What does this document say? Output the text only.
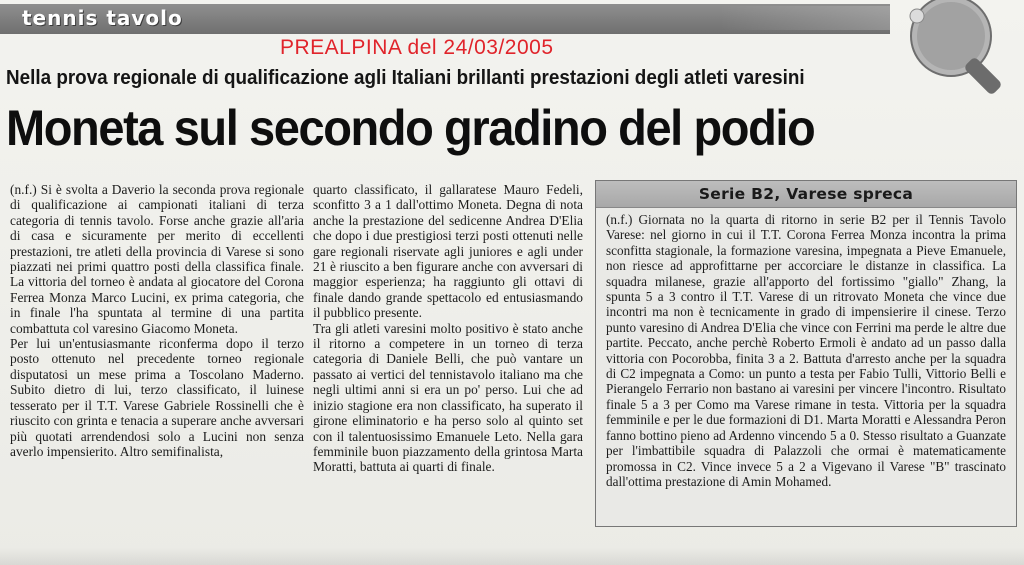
tennis tavolo
PREALPINA del 24/03/2005
Nella prova regionale di qualificazione agli Italiani brillanti prestazioni degli atleti varesini
Moneta sul secondo gradino del podio
(n.f.) Si è svolta a Daverio la seconda prova regionale di qualificazione ai campionati italiani di terza categoria di tennis tavolo. Forse anche grazie all'aria di casa e sicuramente per merito di eccellenti prestazioni, tre atleti della provincia di Varese si sono piazzati nei primi quattro posti della classifica finale. La vittoria del torneo è andata al giocatore del Corona Ferrea Monza Marco Lucini, ex prima categoria, che in finale l'ha spuntata al termine di una partita combattuta col varesino Giacomo Moneta.
Per lui un'entusiasmante riconferma dopo il terzo posto ottenuto nel precedente torneo regionale disputatosi un mese prima a Toscolano Maderno. Subito dietro di lui, terzo classificato, il luinese tesserato per il T.T. Varese Gabriele Rossinelli che è riuscito con grinta e tenacia a superare anche avversari più quotati arrendendosi solo a Lucini non senza averlo impensierito. Altro semifinalista,
quarto classificato, il gallaratese Mauro Fedeli, sconfitto 3 a 1 dall'ottimo Moneta. Degna di nota anche la prestazione del sedicenne Andrea D'Elia che dopo i due prestigiosi terzi posti ottenuti nelle gare regionali riservate agli juniores e agli under 21 è riuscito a ben figurare anche con avversari di maggior esperienza; ha raggiunto gli ottavi di finale dando grande spettacolo ed entusiasmando il pubblico presente.
Tra gli atleti varesini molto positivo è stato anche il ritorno a competere in un torneo di terza categoria di Daniele Belli, che può vantare un passato ai vertici del tennistavolo italiano ma che negli ultimi anni si era un po' perso. Lui che ad inizio stagione era non classificato, ha superato il girone eliminatorio e ha perso solo al quinto set con il talentuosissimo Emanuele Leto. Nella gara femminile buon piazzamento della grintosa Marta Moratti, battuta ai quarti di finale.
Serie B2, Varese spreca
(n.f.) Giornata no la quarta di ritorno in serie B2 per il Tennis Tavolo Varese: nel giorno in cui il T.T. Corona Ferrea Monza incontra la prima sconfitta stagionale, la formazione varesina, impegnata a Pieve Emanuele, non riesce ad approfittarne per accorciare le distanze in classifica. La squadra milanese, grazie all'apporto del fortissimo "giallo" Zhang, la spunta 5 a 3 contro il T.T. Varese di un ritrovato Moneta che vince due incontri ma non è tecnicamente in grado di impensierire il cinese. Terzo punto varesino di Andrea D'Elia che vince con Ferrini ma perde le altre due partite. Peccato, anche perchè Roberto Ermoli è andato ad un passo dalla vittoria con Pocorobba, finita 3 a 2. Battuta d'arresto anche per la squadra di C2 impegnata a Como: un punto a testa per Fabio Tulli, Vittorio Belli e Pierangelo Ferrario non bastano ai varesini per vincere l'incontro. Risultato finale 5 a 3 per Como ma Varese rimane in testa. Vittoria per la squadra femminile e per le due formazioni di D1. Marta Moratti e Alessandra Peron fanno bottino pieno ad Ardenno vincendo 5 a 0. Stesso risultato a Guanzate per l'imbattibile squadra di Palazzoli che ormai è matematicamente promossa in C2. Vince invece 5 a 2 a Vigevano il Varese "B" trascinato dall'ottima prestazione di Amin Mohamed.
